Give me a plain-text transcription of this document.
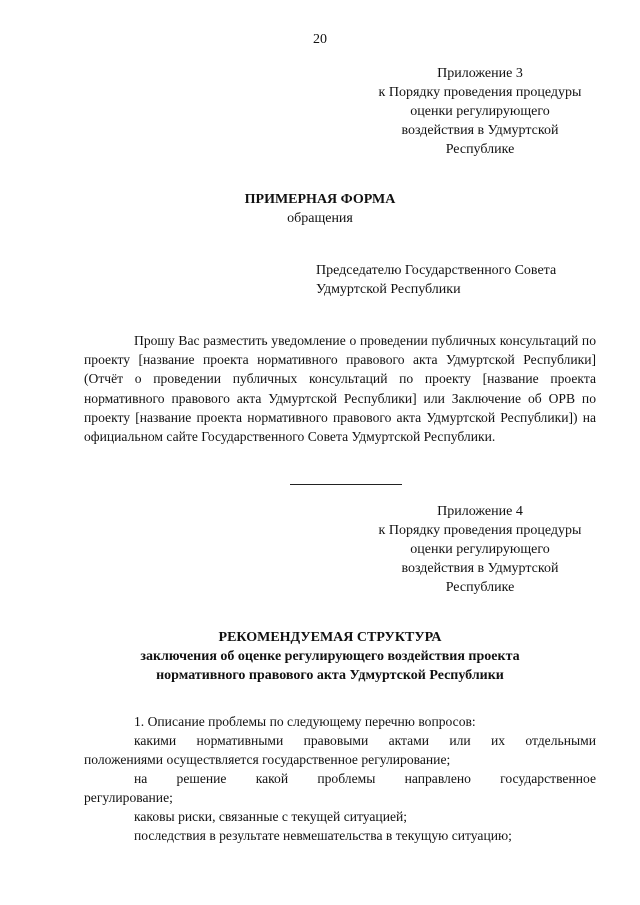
20
Приложение 3
к Порядку проведения процедуры
оценки регулирующего
воздействия в Удмуртской
Республике
ПРИМЕРНАЯ ФОРМА
обращения
Председателю Государственного Совета
Удмуртской Республики

Прошу Вас разместить уведомление о проведении публичных консультаций по проекту [название проекта нормативного правового акта Удмуртской Республики] (Отчёт о проведении публичных консультаций по проекту [название проекта нормативного правового акта Удмуртской Республики] или Заключение об ОРВ по проекту [название проекта нормативного правового акта Удмуртской Республики]) на официальном сайте Государственного Совета Удмуртской Республики.

Приложение 4
к Порядку проведения процедуры
оценки регулирующего
воздействия в Удмуртской
Республике
РЕКОМЕНДУЕМАЯ СТРУКТУРА
заключения об оценке регулирующего воздействия проекта
нормативного правового акта Удмуртской Республики
1. Описание проблемы по следующему перечню вопросов:
какими нормативными правовыми актами или их отдельными
положениями осуществляется государственное регулирование;
на решение какой проблемы направлено государственное
регулирование;
каковы риски, связанные с текущей ситуацией;
последствия в результате невмешательства в текущую ситуацию;
